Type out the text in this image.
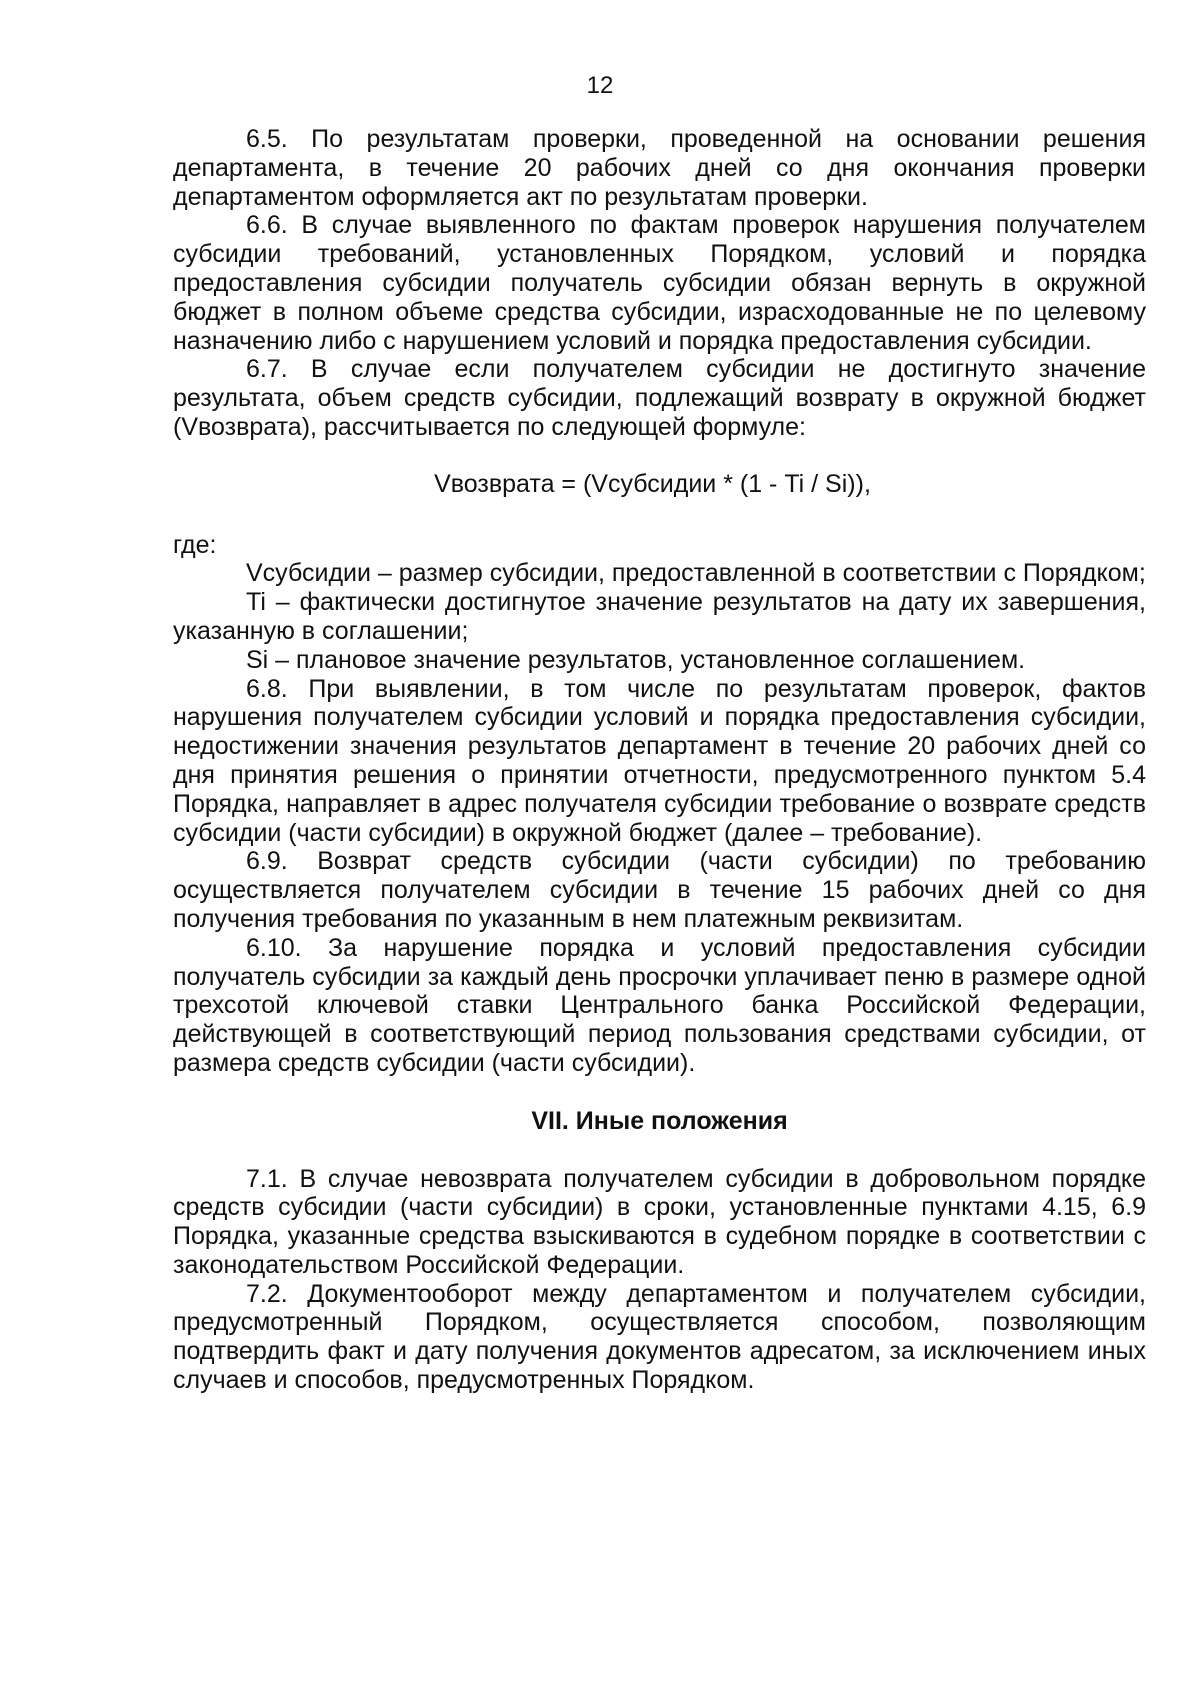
12

6.5. По результатам проверки, проведенной на основании решения департамента, в течение 20 рабочих дней со дня окончания проверки департаментом оформляется акт по результатам проверки.

6.6. В случае выявленного по фактам проверок нарушения получателем субсидии требований, установленных Порядком, условий и порядка предоставления субсидии получатель субсидии обязан вернуть в окружной бюджет в полном объеме средства субсидии, израсходованные не по целевому назначению либо с нарушением условий и порядка предоставления субсидии.

6.7. В случае если получателем субсидии не достигнуто значение результата, объем средств субсидии, подлежащий возврату в окружной бюджет (Vвозврата), рассчитывается по следующей формуле:

Vвозврата = (Vсубсидии * (1 - Ti / Si)),

где:

Vсубсидии – размер субсидии, предоставленной в соответствии с Порядком;

Ti – фактически достигнутое значение результатов на дату их завершения, указанную в соглашении;

Si – плановое значение результатов, установленное соглашением.

6.8. При выявлении, в том числе по результатам проверок, фактов нарушения получателем субсидии условий и порядка предоставления субсидии, недостижении значения результатов департамент в течение 20 рабочих дней со дня принятия решения о принятии отчетности, предусмотренного пунктом 5.4 Порядка, направляет в адрес получателя субсидии требование о возврате средств субсидии (части субсидии) в окружной бюджет (далее – требование).

6.9. Возврат средств субсидии (части субсидии) по требованию осуществляется получателем субсидии в течение 15 рабочих дней со дня получения требования по указанным в нем платежным реквизитам.

6.10. За нарушение порядка и условий предоставления субсидии получатель субсидии за каждый день просрочки уплачивает пеню в размере одной трехсотой ключевой ставки Центрального банка Российской Федерации, действующей в соответствующий период пользования средствами субсидии, от размера средств субсидии (части субсидии).

VII. Иные положения

7.1. В случае невозврата получателем субсидии в добровольном порядке средств субсидии (части субсидии) в сроки, установленные пунктами 4.15, 6.9 Порядка, указанные средства взыскиваются в судебном порядке в соответствии с законодательством Российской Федерации.

7.2. Документооборот между департаментом и получателем субсидии, предусмотренный Порядком, осуществляется способом, позволяющим подтвердить факт и дату получения документов адресатом, за исключением иных случаев и способов, предусмотренных Порядком.
